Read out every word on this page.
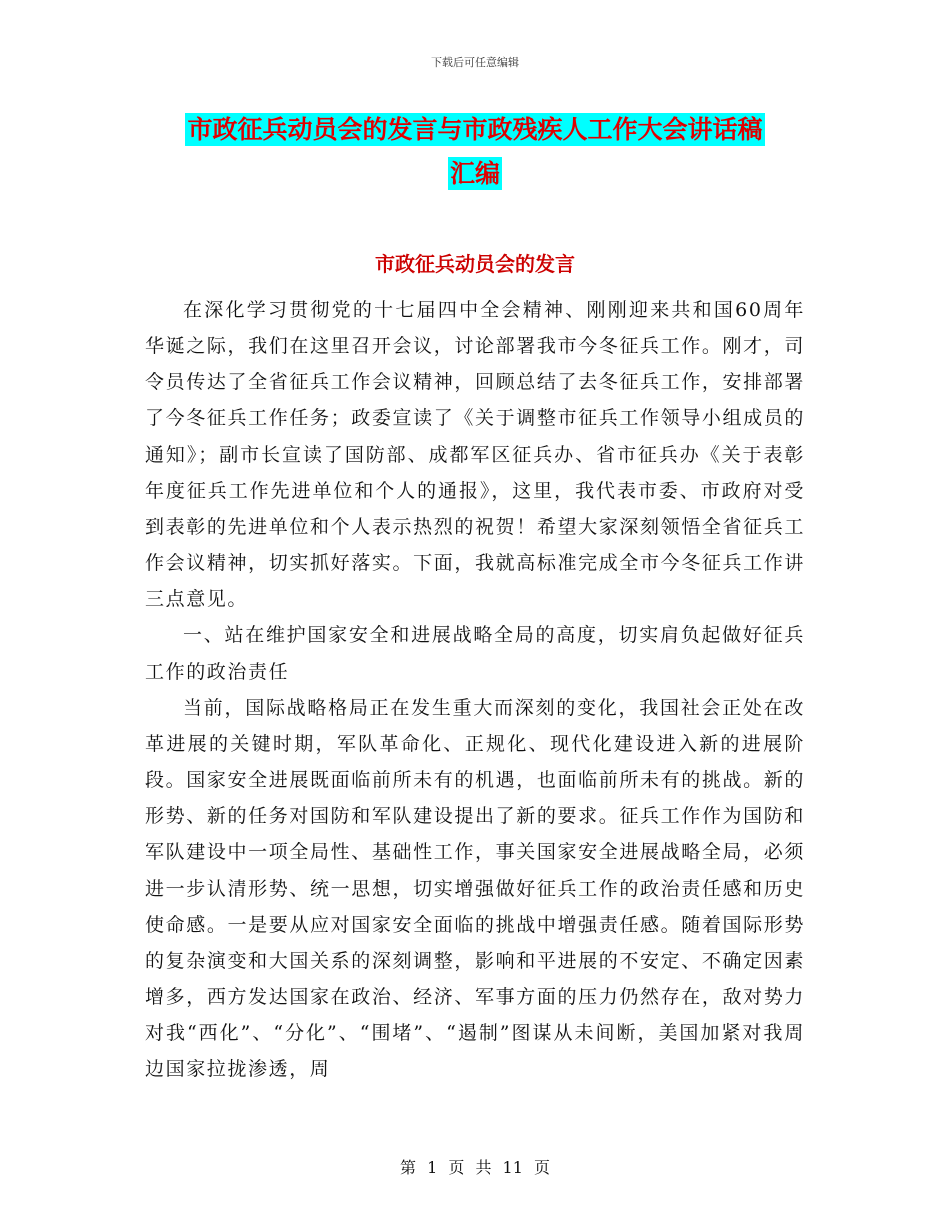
下载后可任意编辑
市政征兵动员会的发言与市政残疾人工作大会讲话稿
汇编
市政征兵动员会的发言

在深化学习贯彻党的十七届四中全会精神、刚刚迎来共和国60周年华诞之际，我们在这里召开会议，讨论部署我市今冬征兵工作。刚才，司令员传达了全省征兵工作会议精神，回顾总结了去冬征兵工作，安排部署了今冬征兵工作任务；政委宣读了《关于调整市征兵工作领导小组成员的通知》；副市长宣读了国防部、成都军区征兵办、省市征兵办《关于表彰年度征兵工作先进单位和个人的通报》，这里，我代表市委、市政府对受到表彰的先进单位和个人表示热烈的祝贺！希望大家深刻领悟全省征兵工作会议精神，切实抓好落实。下面，我就高标准完成全市今冬征兵工作讲三点意见。

一、站在维护国家安全和进展战略全局的高度，切实肩负起做好征兵工作的政治责任

当前，国际战略格局正在发生重大而深刻的变化，我国社会正处在改革进展的关键时期，军队革命化、正规化、现代化建设进入新的进展阶段。国家安全进展既面临前所未有的机遇，也面临前所未有的挑战。新的形势、新的任务对国防和军队建设提出了新的要求。征兵工作作为国防和军队建设中一项全局性、基础性工作，事关国家安全进展战略全局，必须进一步认清形势、统一思想，切实增强做好征兵工作的政治责任感和历史使命感。一是要从应对国家安全面临的挑战中增强责任感。随着国际形势的复杂演变和大国关系的深刻调整，影响和平进展的不安定、不确定因素增多，西方发达国家在政治、经济、军事方面的压力仍然存在，敌对势力对我“西化”、“分化”、“围堵”、“遏制”图谋从未间断，美国加紧对我周边国家拉拢渗透，周

第 1 页 共 11 页
